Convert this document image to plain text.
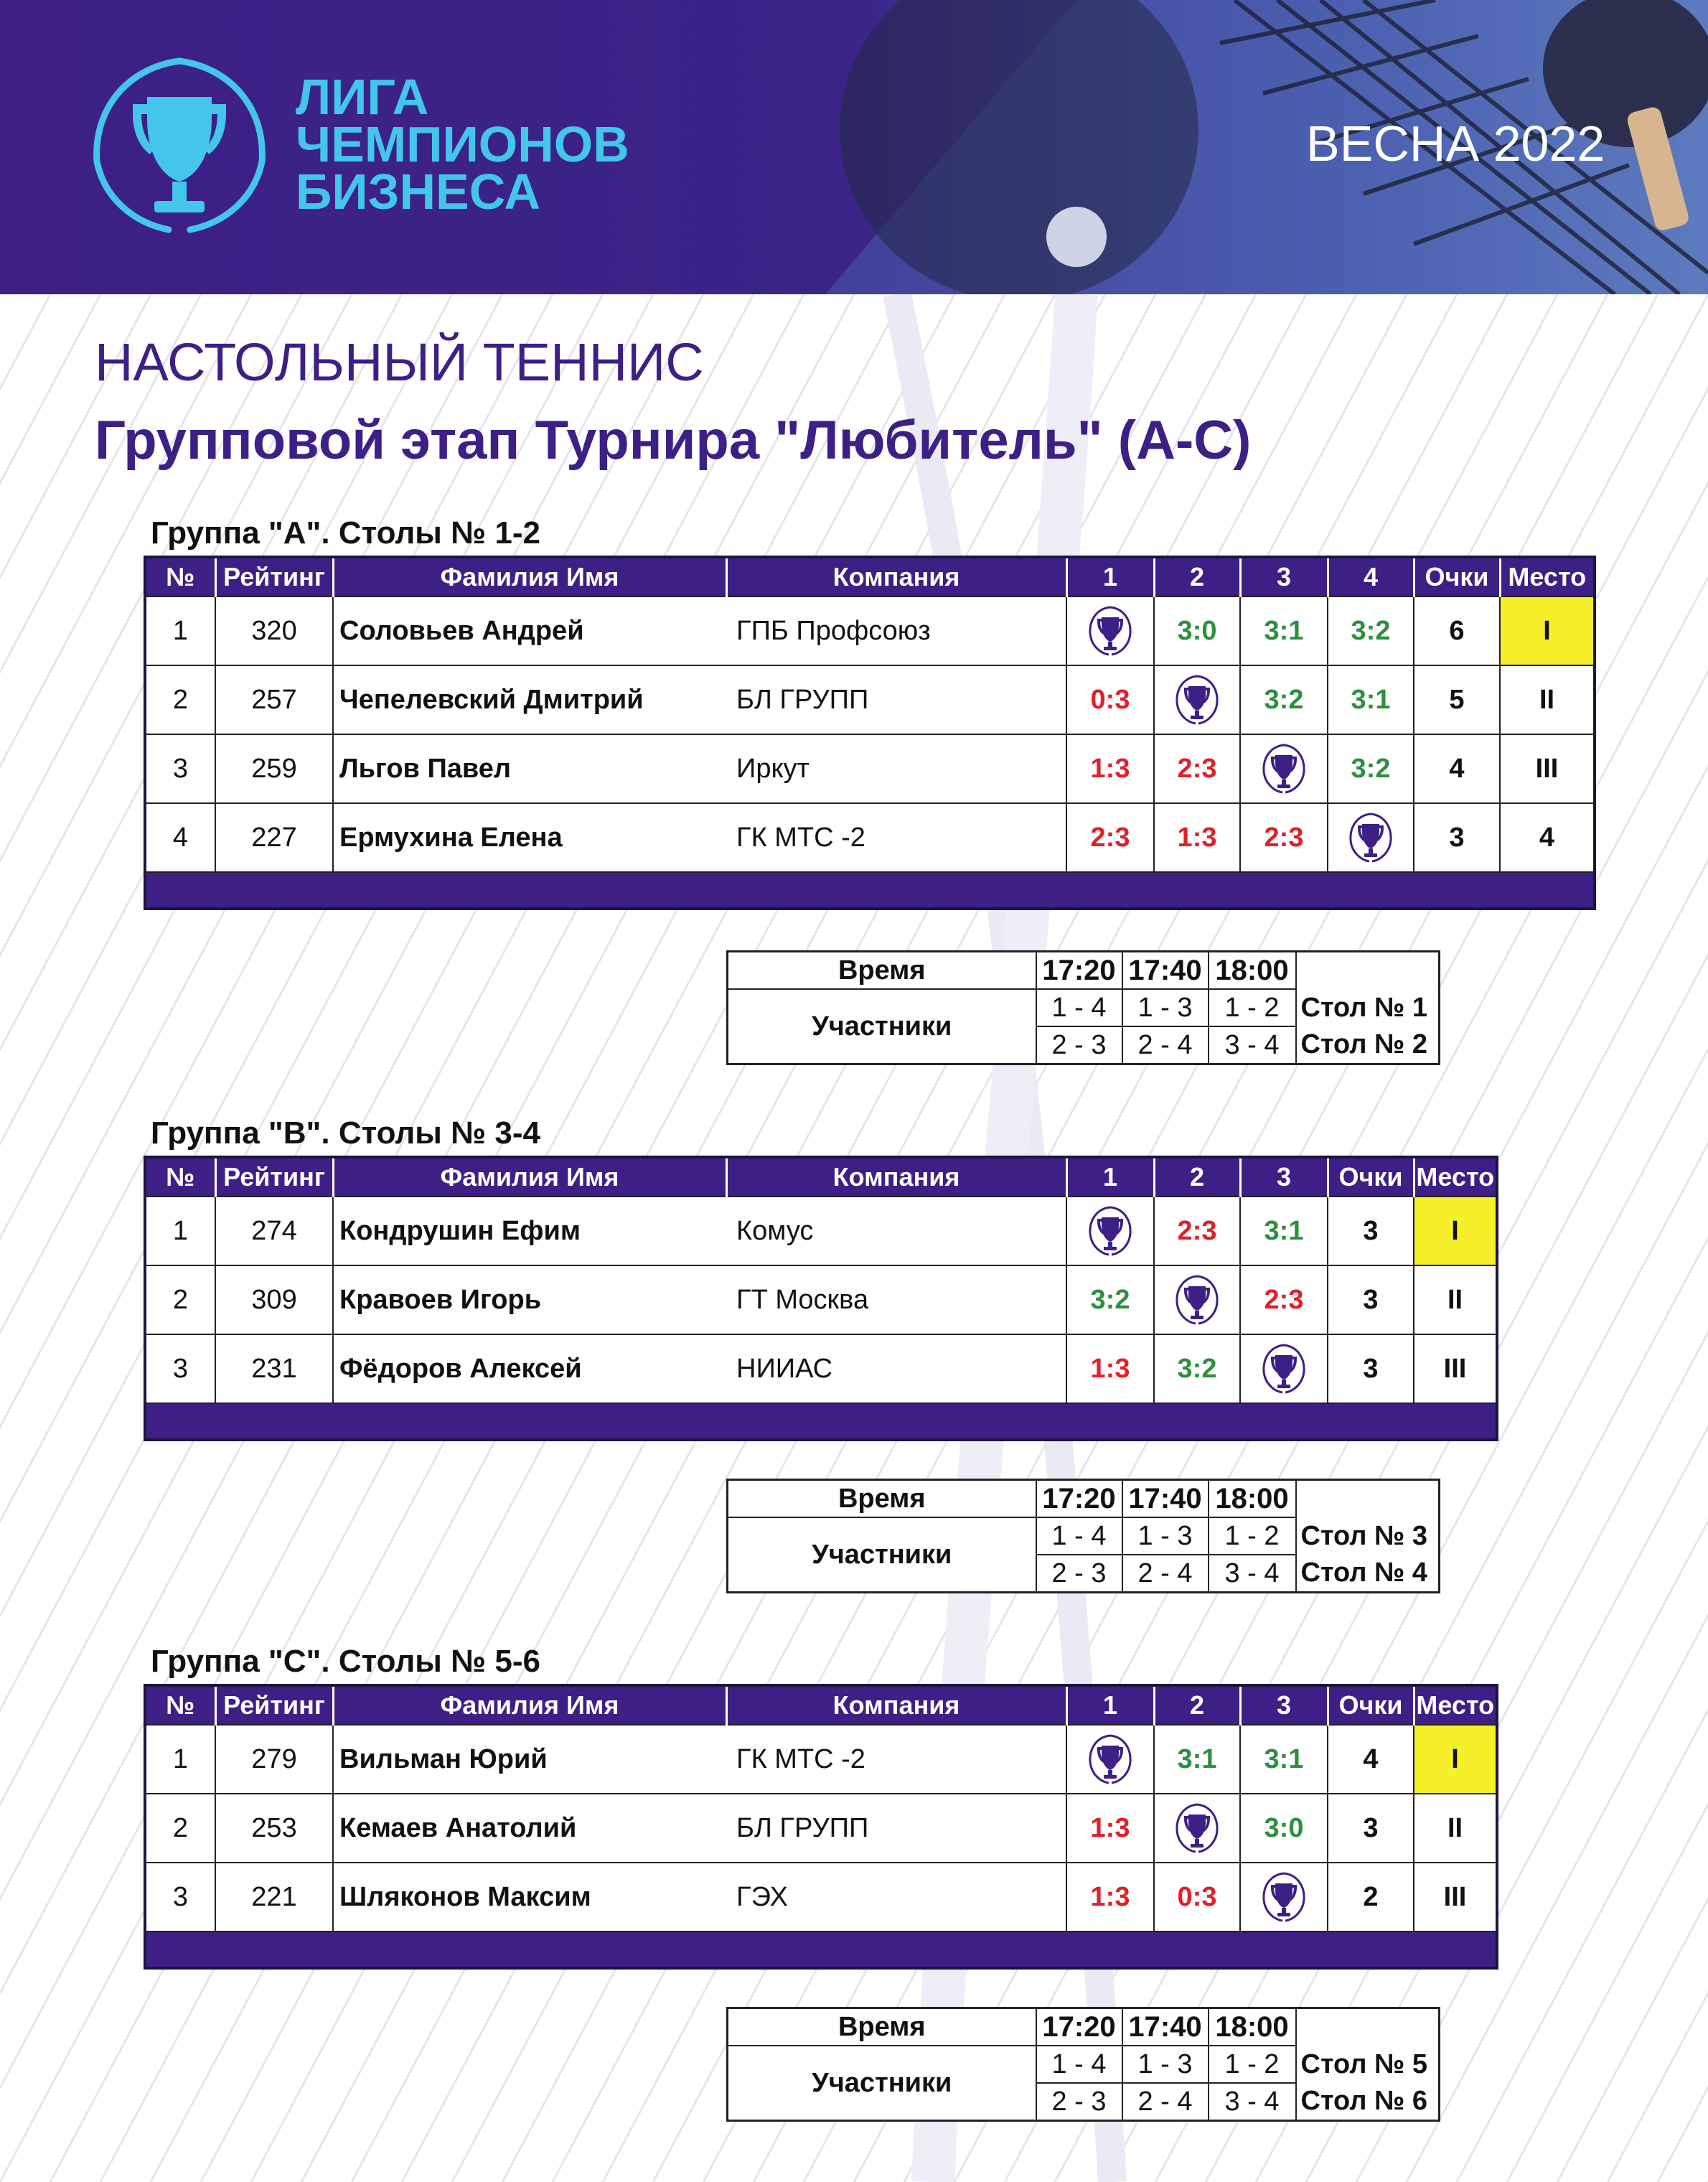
ЛИГА
ЧЕМПИОНОВ
БИЗНЕСА
ВЕСНА 2022
НАСТОЛЬНЫЙ ТЕННИС
Групповой этап Турнира "Любитель" (А-С)
Группа "А". Столы № 1-2
№	Рейтинг	Фамилия Имя	Компания	1	2	3	4	Очки	Место
1	320	Соловьев Андрей	ГПБ Профсоюз		3:0	3:1	3:2	6	I
2	257	Чепелевский Дмитрий	БЛ ГРУПП	0:3		3:2	3:1	5	II
3	259	Льгов Павел	Иркут	1:3	2:3		3:2	4	III
4	227	Ермухина Елена	ГК МТС -2	2:3	1:3	2:3		3	4

Время	17:20	17:40	18:00	
Участники	1 - 4	1 - 3	1 - 2	Стол № 1
	2 - 3	2 - 4	3 - 4	Стол № 2
Группа "В". Столы № 3-4
№	Рейтинг	Фамилия Имя	Компания	1	2	3	Очки	Место
1	274	Кондрушин Ефим	Комус		2:3	3:1	3	I
2	309	Кравоев Игорь	ГТ Москва	3:2		2:3	3	II
3	231	Фёдоров Алексей	НИИАС	1:3	3:2		3	III

Время	17:20	17:40	18:00	
Участники	1 - 4	1 - 3	1 - 2	Стол № 3
	2 - 3	2 - 4	3 - 4	Стол № 4
Группа "С". Столы № 5-6
№	Рейтинг	Фамилия Имя	Компания	1	2	3	Очки	Место
1	279	Вильман Юрий	ГК МТС -2		3:1	3:1	4	I
2	253	Кемаев Анатолий	БЛ ГРУПП	1:3		3:0	3	II
3	221	Шляконов Максим	ГЭХ	1:3	0:3		2	III

Время	17:20	17:40	18:00	
Участники	1 - 4	1 - 3	1 - 2	Стол № 5
	2 - 3	2 - 4	3 - 4	Стол № 6
